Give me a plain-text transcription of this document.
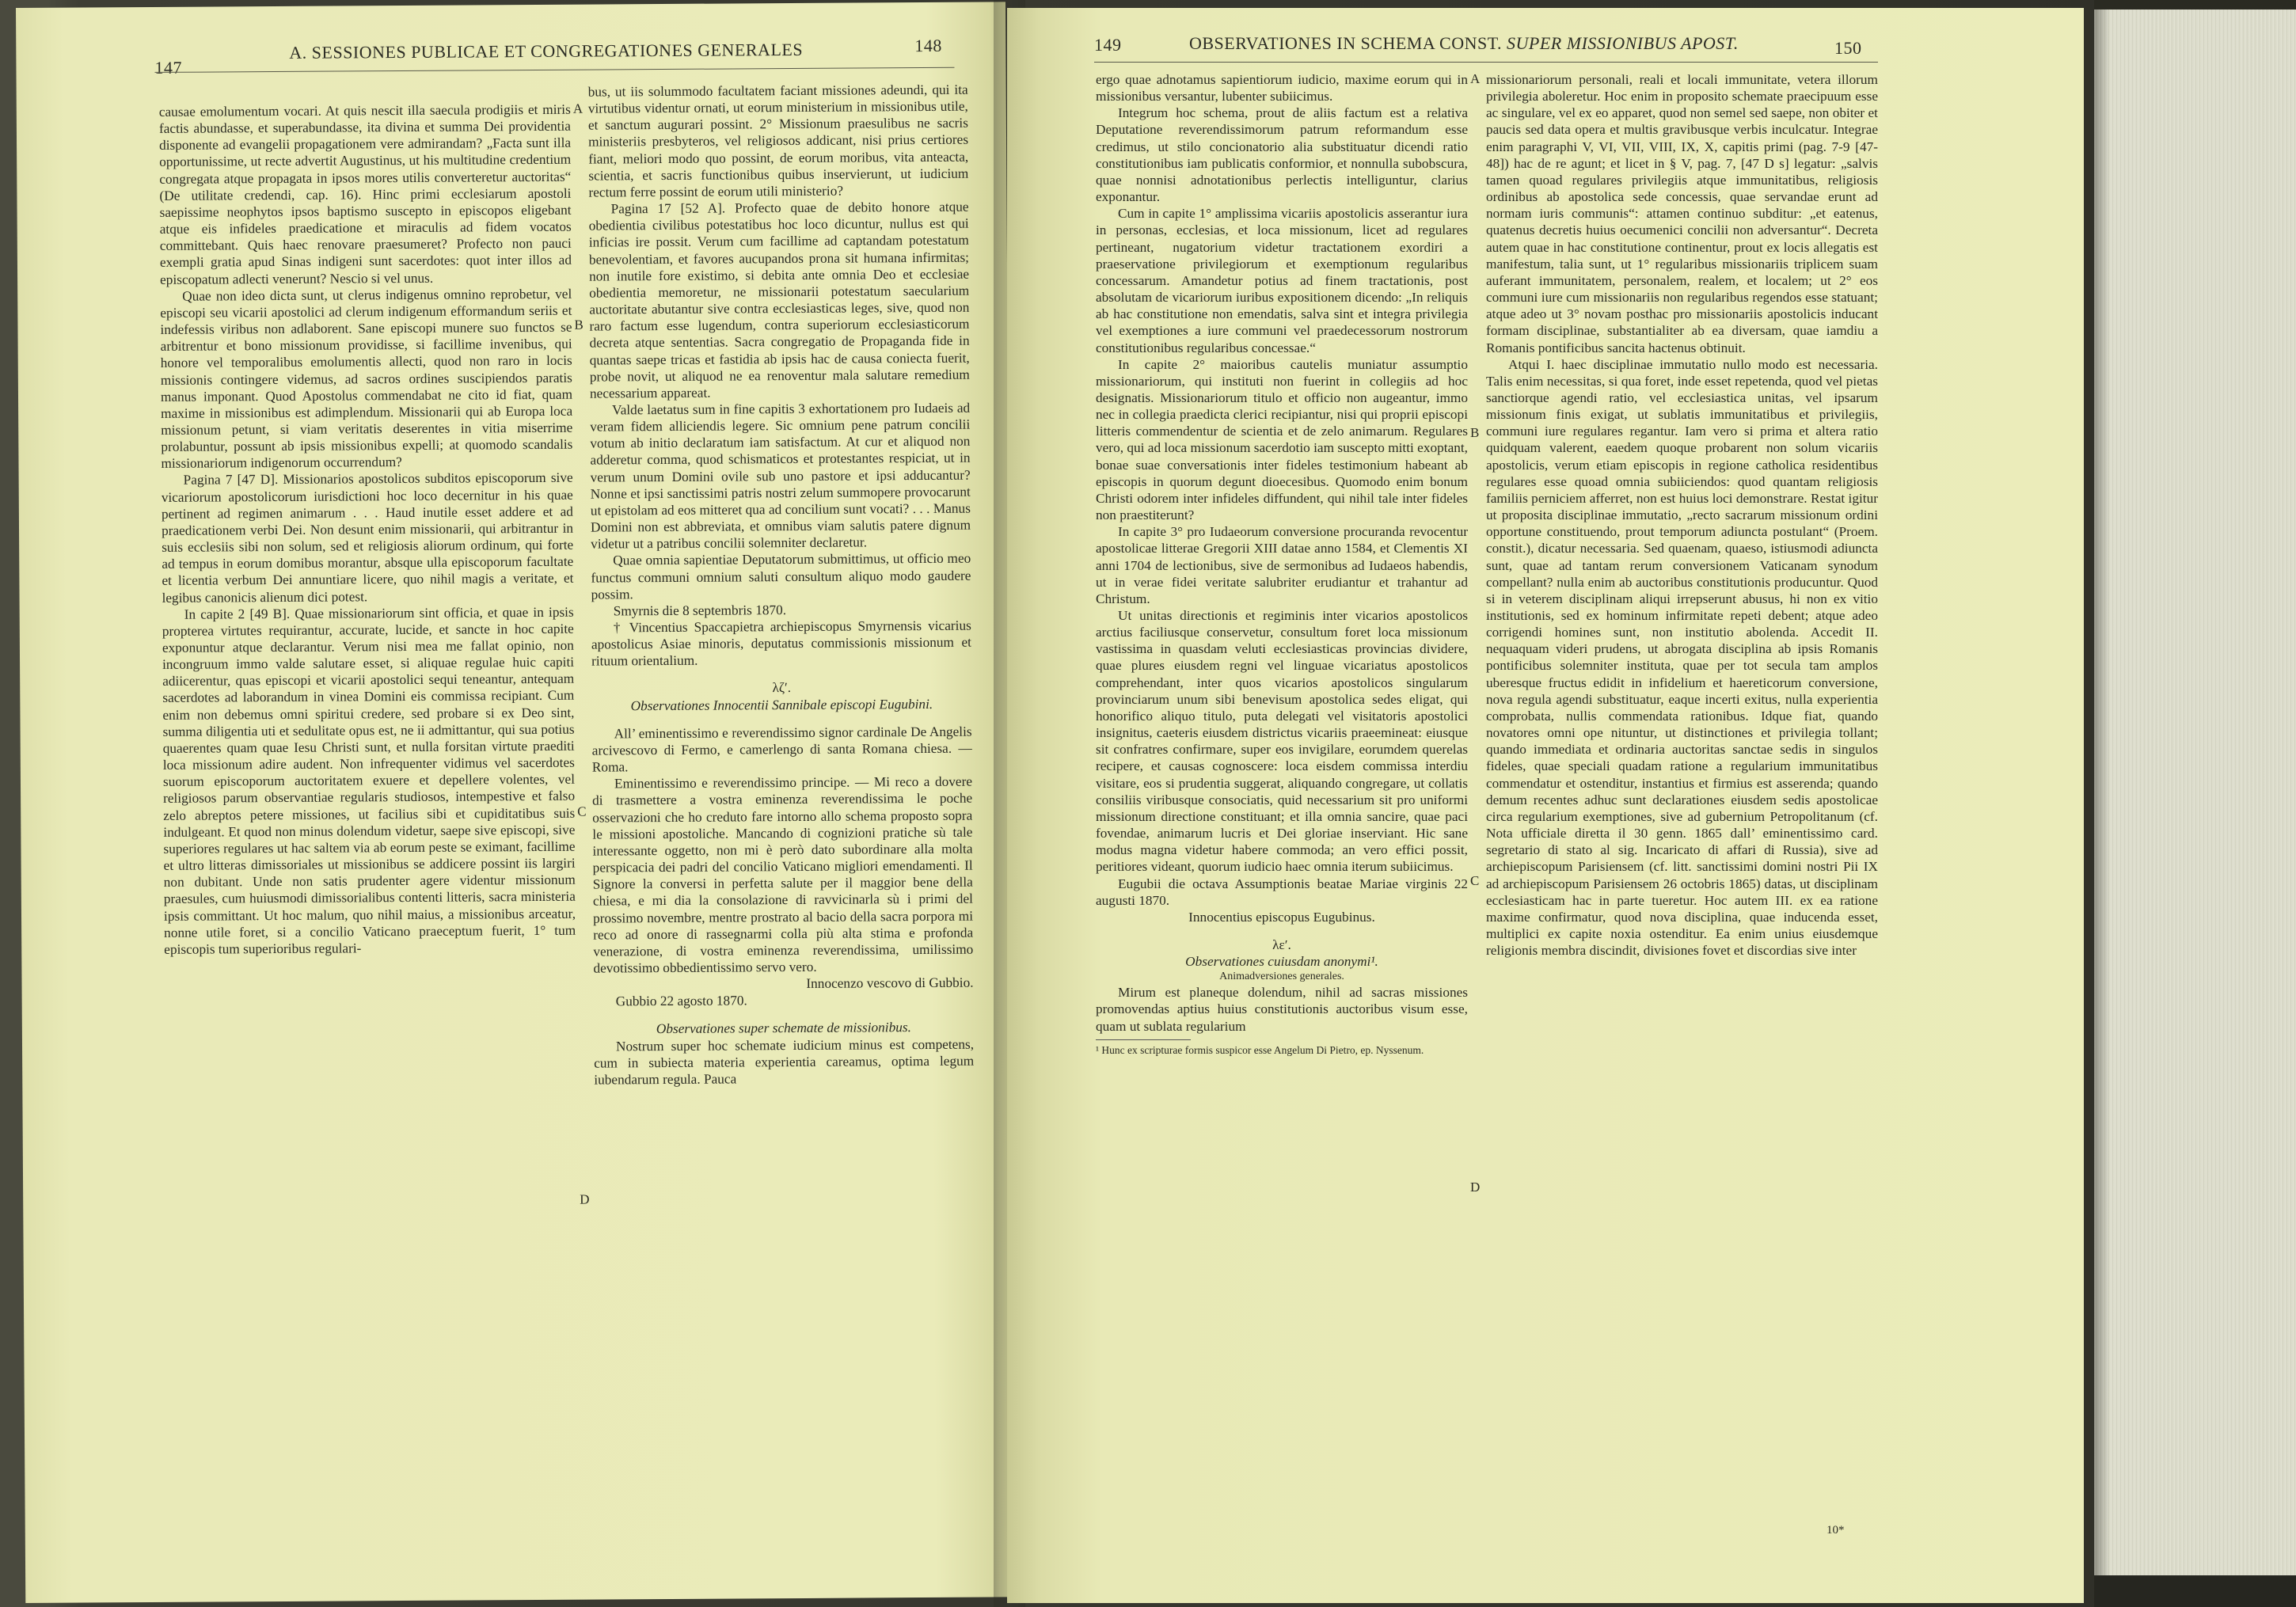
147
A. SESSIONES PUBLICAE ET CONGREGATIONES GENERALES	148

causae emolumentum vocari. At quis nescit illa saecula prodigiis et miris factis abundasse, et superabundasse, ita divina et summa Dei providentia disponente ad evangelii propagationem vere admirandam? „Facta sunt illa opportunissime, ut recte advertit Augustinus, ut his multitudine credentium congregata atque propagata in ipsos mores utilis converteretur auctoritas“ (De utilitate credendi, cap. 16). Hinc primi ecclesiarum apostoli saepissime neophytos ipsos baptismo suscepto in episcopos eligebant atque eis infideles praedicatione et miraculis ad fidem vocatos committebant. Quis haec renovare praesumeret? Profecto non pauci exempli gratia apud Sinas indigeni sunt sacerdotes: quot inter illos ad episcopatum adlecti venerunt? Nescio si vel unus.

Quae non ideo dicta sunt, ut clerus indigenus omnino reprobetur, vel episcopi seu vicarii apostolici ad clerum indigenum efformandum seriis et indefessis viribus non adlaborent. Sane episcopi munere suo functos se arbitrentur et bono missionum providisse, si facillime invenibus, qui honore vel temporalibus emolumentis allecti, quod non raro in locis missionis contingere videmus, ad sacros ordines suscipiendos paratis manus imponant. Quod Apostolus commendabat ne cito id fiat, quam maxime in missionibus est adimplendum. Missionarii qui ab Europa loca missionum petunt, si viam veritatis deserentes in vitia miserrime prolabuntur, possunt ab ipsis missionibus expelli; at quomodo scandalis missionariorum indigenorum occurrendum?

Pagina 7 [47 D]. Missionarios apostolicos subditos episcoporum sive vicariorum apostolicorum iurisdictioni hoc loco decernitur in his quae pertinent ad regimen animarum . . . Haud inutile esset addere et ad praedicationem verbi Dei. Non desunt enim missionarii, qui arbitrantur in suis ecclesiis sibi non solum, sed et religiosis aliorum ordinum, qui forte ad tempus in eorum domibus morantur, absque ulla episcoporum facultate et licentia verbum Dei annuntiare licere, quo nihil magis a veritate, et legibus canonicis alienum dici potest.

In capite 2 [49 B]. Quae missionariorum sint officia, et quae in ipsis propterea virtutes requirantur, accurate, lucide, et sancte in hoc capite exponuntur atque declarantur. Verum nisi mea me fallat opinio, non incongruum immo valde salutare esset, si aliquae regulae huic capiti adiicerentur, quas episcopi et vicarii apostolici sequi teneantur, antequam sacerdotes ad laborandum in vinea Domini eis commissa recipiant. Cum enim non debemus omni spiritui credere, sed probare si ex Deo sint, summa diligentia uti et sedulitate opus est, ne ii admittantur, qui sua potius quaerentes quam quae Iesu Christi sunt, et nulla forsitan virtute praediti loca missionum adire audent. Non infrequenter vidimus vel sacerdotes suorum episcoporum auctoritatem exuere et depellere volentes, vel religiosos parum observantiae regularis studiosos, intempestive et falso zelo abreptos petere missiones, ut facilius sibi et cupiditatibus suis indulgeant. Et quod non minus dolendum videtur, saepe sive episcopi, sive superiores regulares ut hac saltem via ab eorum peste se eximant, facillime et ultro litteras dimissoriales ut missionibus se addicere possint iis largiri non dubitant. Unde non satis prudenter agere videntur missionum praesules, cum huiusmodi dimissorialibus contenti litteris, sacra ministeria ipsis committant. Ut hoc malum, quo nihil maius, a missionibus arceatur, nonne utile foret, si a concilio Vaticano praeceptum fuerit, 1° tum episcopis tum superioribus regulari-

bus, ut iis solummodo facultatem faciant missiones adeundi, qui ita virtutibus videntur ornati, ut eorum ministerium in missionibus utile, et sanctum augurari possint. 2° Missionum praesulibus ne sacris ministeriis presbyteros, vel religiosos addicant, nisi prius certiores fiant, meliori modo quo possint, de eorum moribus, vita anteacta, scientia, et sacris functionibus quibus inservierunt, ut iudicium rectum ferre possint de eorum utili ministerio?

Pagina 17 [52 A]. Profecto quae de debito honore atque obedientia civilibus potestatibus hoc loco dicuntur, nullus est qui inficias ire possit. Verum cum facillime ad captandam potestatum benevolentiam, et favores aucupandos prona sit humana infirmitas; non inutile fore existimo, si debita ante omnia Deo et ecclesiae obedientia memoretur, ne missionarii potestatum saecularium auctoritate abutantur sive contra ecclesiasticas leges, sive, quod non raro factum esse lugendum, contra superiorum ecclesiasticorum decreta atque sententias. Sacra congregatio de Propaganda fide in quantas saepe tricas et fastidia ab ipsis hac de causa coniecta fuerit, probe novit, ut aliquod ne ea renoventur mala salutare remedium necessarium appareat.

Valde laetatus sum in fine capitis 3 exhortationem pro Iudaeis ad veram fidem alliciendis legere. Sic omnium pene patrum concilii votum ab initio declaratum iam satisfactum. At cur et aliquod non adderetur comma, quod schismaticos et protestantes respiciat, ut in verum unum Domini ovile sub uno pastore et ipsi adducantur? Nonne et ipsi sanctissimi patris nostri zelum summopere provocarunt ut epistolam ad eos mitteret qua ad concilium sunt vocati? . . . Manus Domini non est abbreviata, et omnibus viam salutis patere dignum videtur ut a patribus concilii solemniter declaretur.

Quae omnia sapientiae Deputatorum submittimus, ut officio meo functus communi omnium saluti consultum aliquo modo gaudere possim.

Smyrnis die 8 septembris 1870.

† Vincentius Spaccapietra archiepiscopus Smyrnensis vicarius apostolicus Asiae minoris, deputatus commissionis missionum et rituum orientalium.

λζ′.

Observationes Innocentii Sannibale episcopi Eugubini.

All’ eminentissimo e reverendissimo signor cardinale De Angelis arcivescovo di Fermo, e camerlengo di santa Romana chiesa. — Roma.

Eminentissimo e reverendissimo principe. — Mi reco a dovere di trasmettere a vostra eminenza reverendissima le poche osservazioni che ho creduto fare intorno allo schema proposto sopra le missioni apostoliche. Mancando di cognizioni pratiche sù tale interessante oggetto, non mi è però dato subordinare alla molta perspicacia dei padri del concilio Vaticano migliori emendamenti. Il Signore la conversi in perfetta salute per il maggior bene della chiesa, e mi dia la consolazione di ravvicinarla sù i primi del prossimo novembre, mentre prostrato al bacio della sacra porpora mi reco ad onore di rassegnarmi colla più alta stima e profonda venerazione, di vostra eminenza reverendissima, umilissimo devotissimo obbedientissimo servo vero.

Innocenzo vescovo di Gubbio.

Gubbio 22 agosto 1870.

Observationes super schemate de missionibus.

Nostrum super hoc schemate iudicium minus est competens, cum in subiecta materia experientia careamus, optima legum iubendarum regula. Pauca

A
B
C
D
149	OBSERVATIONES IN SCHEMA CONST. SUPER MISSIONIBUS APOST.	150

ergo quae adnotamus sapientiorum iudicio, maxime eorum qui in missionibus versantur, lubenter subiicimus.

Integrum hoc schema, prout de aliis factum est a relativa Deputatione reverendissimorum patrum reformandum esse credimus, ut stilo concionatorio alia substituatur dicendi ratio constitutionibus iam publicatis conformior, et nonnulla subobscura, quae nonnisi adnotationibus perlectis intelliguntur, clarius exponantur.

Cum in capite 1° amplissima vicariis apostolicis asserantur iura in personas, ecclesias, et loca missionum, licet ad regulares pertineant, nugatorium videtur tractationem exordiri a praeservatione privilegiorum et exemptionum regularibus concessarum. Amandetur potius ad finem tractationis, post absolutam de vicariorum iuribus expositionem dicendo: „In reliquis ab hac constitutione non emendatis, salva sint et integra privilegia vel exemptiones a iure communi vel praedecessorum nostrorum constitutionibus regularibus concessae.“

In capite 2° maioribus cautelis muniatur assumptio missionariorum, qui instituti non fuerint in collegiis ad hoc designatis. Missionariorum titulo et officio non augeantur, immo nec in collegia praedicta clerici recipiantur, nisi qui proprii episcopi litteris commendentur de scientia et de zelo animarum. Regulares vero, qui ad loca missionum sacerdotio iam suscepto mitti exoptant, bonae suae conversationis inter fideles testimonium habeant ab episcopis in quorum degunt dioecesibus. Quomodo enim bonum Christi odorem inter infideles diffundent, qui nihil tale inter fideles non praestiterunt?

In capite 3° pro Iudaeorum conversione procuranda revocentur apostolicae litterae Gregorii XIII datae anno 1584, et Clementis XI anni 1704 de lectionibus, sive de sermonibus ad Iudaeos habendis, ut in verae fidei veritate salubriter erudiantur et trahantur ad Christum.

Ut unitas directionis et regiminis inter vicarios apostolicos arctius faciliusque conservetur, consultum foret loca missionum vastissima in quasdam veluti ecclesiasticas provincias dividere, quae plures eiusdem regni vel linguae vicariatus apostolicos comprehendant, inter quos vicarios apostolicos singularum provinciarum unum sibi benevisum apostolica sedes eligat, qui honorifico aliquo titulo, puta delegati vel visitatoris apostolici insignitus, caeteris eiusdem districtus vicariis praeemineat: eiusque sit confratres confirmare, super eos invigilare, eorumdem querelas recipere, et causas cognoscere: loca eisdem commissa interdiu visitare, eos si prudentia suggerat, aliquando congregare, ut collatis consiliis viribusque consociatis, quid necessarium sit pro uniformi missionum directione constituant; et illa omnia sancire, quae paci fovendae, animarum lucris et Dei gloriae inserviant. Hic sane modus magna videtur habere commoda; an vero effici possit, peritiores videant, quorum iudicio haec omnia iterum subiicimus.

Eugubii die octava Assumptionis beatae Mariae virginis 22 augusti 1870.

Innocentius episcopus Eugubinus.

λε′.

Observationes cuiusdam anonymi¹.

Animadversiones generales.

Mirum est planeque dolendum, nihil ad sacras missiones promovendas aptius huius constitutionis auctoribus visum esse, quam ut sublata regularium

¹ Hunc ex scripturae formis suspicor esse Angelum Di Pietro, ep. Nyssenum.

missionariorum personali, reali et locali immunitate, vetera illorum privilegia aboleretur. Hoc enim in proposito schemate praecipuum esse ac singulare, vel ex eo apparet, quod non semel sed saepe, non obiter et paucis sed data opera et multis gravibusque verbis inculcatur. Integrae enim paragraphi V, VI, VII, VIII, IX, X, capitis primi (pag. 7-9 [47-48]) hac de re agunt; et licet in § V, pag. 7, [47 D s] legatur: „salvis tamen quoad regulares privilegiis atque immunitatibus, religiosis ordinibus ab apostolica sede concessis, quae servandae erunt ad normam iuris communis“: attamen continuo subditur: „et eatenus, quatenus decretis huius oecumenici concilii non adversantur“. Decreta autem quae in hac constitutione continentur, prout ex locis allegatis est manifestum, talia sunt, ut 1° regularibus missionariis triplicem suam auferant immunitatem, personalem, realem, et localem; ut 2° eos communi iure cum missionariis non regularibus regendos esse statuant; atque adeo ut 3° novam posthac pro missionariis apostolicis inducant formam disciplinae, substantialiter ab ea diversam, quae iamdiu a Romanis pontificibus sancita hactenus obtinuit.

Atqui I. haec disciplinae immutatio nullo modo est necessaria. Talis enim necessitas, si qua foret, inde esset repetenda, quod vel pietas sanctiorque agendi ratio, vel ecclesiastica unitas, vel ipsarum missionum finis exigat, ut sublatis immunitatibus et privilegiis, communi iure regulares regantur. Iam vero si prima et altera ratio quidquam valerent, eaedem quoque probarent non solum vicariis apostolicis, verum etiam episcopis in regione catholica residentibus regulares esse quoad omnia subiiciendos: quod quantam religiosis familiis perniciem afferret, non est huius loci demonstrare. Restat igitur ut proposita disciplinae immutatio, „recto sacrarum missionum ordini opportune constituendo, prout temporum adiuncta postulant“ (Proem. constit.), dicatur necessaria. Sed quaenam, quaeso, istiusmodi adiuncta sunt, quae ad tantam rerum conversionem Vaticanam synodum compellant? nulla enim ab auctoribus constitutionis producuntur. Quod si in veterem disciplinam aliqui irrepserunt abusus, hi non ex vitio institutionis, sed ex hominum infirmitate repeti debent; atque adeo corrigendi homines sunt, non institutio abolenda. Accedit II. nequaquam videri prudens, ut abrogata disciplina ab ipsis Romanis pontificibus solemniter instituta, quae per tot secula tam amplos uberesque fructus edidit in infidelium et haereticorum conversione, nova regula agendi substituatur, eaque incerti exitus, nulla experientia comprobata, nullis commendata rationibus. Idque fiat, quando novatores omni ope nituntur, ut distinctiones et privilegia tollant; quando immediata et ordinaria auctoritas sanctae sedis in singulos fideles, quae speciali quadam ratione a regularium immunitatibus commendatur et ostenditur, instantius et firmius est asserenda; quando demum recentes adhuc sunt declarationes eiusdem sedis apostolicae circa regularium exemptiones, sive ad gubernium Petropolitanum (cf. Nota ufficiale diretta il 30 genn. 1865 dall’ eminentissimo card. segretario di stato al sig. Incaricato di affari di Russia), sive ad archiepiscopum Parisiensem (cf. litt. sanctissimi domini nostri Pii IX ad archiepiscopum Parisiensem 26 octobris 1865) datas, ut disciplinam ecclesiasticam hac in parte tueretur. Hoc autem III. ex ea ratione maxime confirmatur, quod nova disciplina, quae inducenda esset, multiplici ex capite noxia ostenditur. Ea enim unius eiusdemque religionis membra discindit, divisiones fovet et discordias sive inter

A
B
C
D
10*
